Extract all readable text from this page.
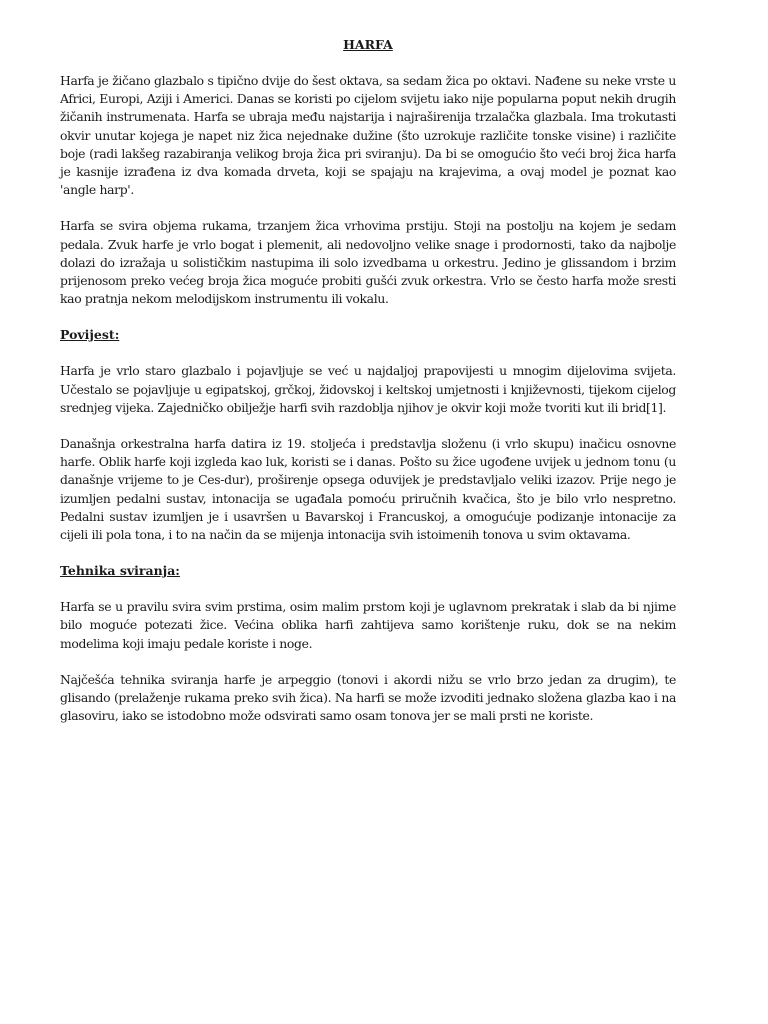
HARFA

Harfa je žičano glazbalo s tipično dvije do šest oktava, sa sedam žica po oktavi. Nađene su neke vrste u Africi, Europi, Aziji i Americi. Danas se koristi po cijelom svijetu iako nije popularna poput nekih drugih žičanih instrumenata. Harfa se ubraja među najstarija i najraširenija trzalačka glazbala. Ima trokutasti okvir unutar kojega je napet niz žica nejednake dužine (što uzrokuje različite tonske visine) i različite boje (radi lakšeg razabiranja velikog broja žica pri sviranju). Da bi se omogućio što veći broj žica harfa je kasnije izrađena iz dva komada drveta, koji se spajaju na krajevima, a ovaj model je poznat kao 'angle harp'.

Harfa se svira objema rukama, trzanjem žica vrhovima prstiju. Stoji na postolju na kojem je sedam pedala. Zvuk harfe je vrlo bogat i plemenit, ali nedovoljno velike snage i prodornosti, tako da najbolje dolazi do izražaja u solističkim nastupima ili solo izvedbama u orkestru. Jedino je glissandom i brzim prijenosom preko većeg broja žica moguće probiti gušći zvuk orkestra. Vrlo se često harfa može sresti kao pratnja nekom melodijskom instrumentu ili vokalu.

Povijest:

Harfa je vrlo staro glazbalo i pojavljuje se već u najdaljoj prapovijesti u mnogim dijelovima svijeta. Učestalo se pojavljuje u egipatskoj, grčkoj, židovskoj i keltskoj umjetnosti i književnosti, tijekom cijelog srednjeg vijeka. Zajedničko obilježje harfi svih razdoblja njihov je okvir koji može tvoriti kut ili brid[1].

Današnja orkestralna harfa datira iz 19. stoljeća i predstavlja složenu (i vrlo skupu) inačicu osnovne harfe. Oblik harfe koji izgleda kao luk, koristi se i danas. Pošto su žice ugođene uvijek u jednom tonu (u današnje vrijeme to je Ces-dur), proširenje opsega oduvijek je predstavljalo veliki izazov. Prije nego je izumljen pedalni sustav, intonacija se ugađala pomoću priručnih kvačica, što je bilo vrlo nespretno. Pedalni sustav izumljen je i usavršen u Bavarskoj i Francuskoj, a omogućuje podizanje intonacije za cijeli ili pola tona, i to na način da se mijenja intonacija svih istoimenih tonova u svim oktavama.

Tehnika sviranja:

Harfa se u pravilu svira svim prstima, osim malim prstom koji je uglavnom prekratak i slab da bi njime bilo moguće potezati žice. Većina oblika harfi zahtijeva samo korištenje ruku, dok se na nekim modelima koji imaju pedale koriste i noge.

Najčešća tehnika sviranja harfe je arpeggio (tonovi i akordi nižu se vrlo brzo jedan za drugim), te glisando (prelaženje rukama preko svih žica). Na harfi se može izvoditi jednako složena glazba kao i na glasoviru, iako se istodobno može odsvirati samo osam tonova jer se mali prsti ne koriste.
